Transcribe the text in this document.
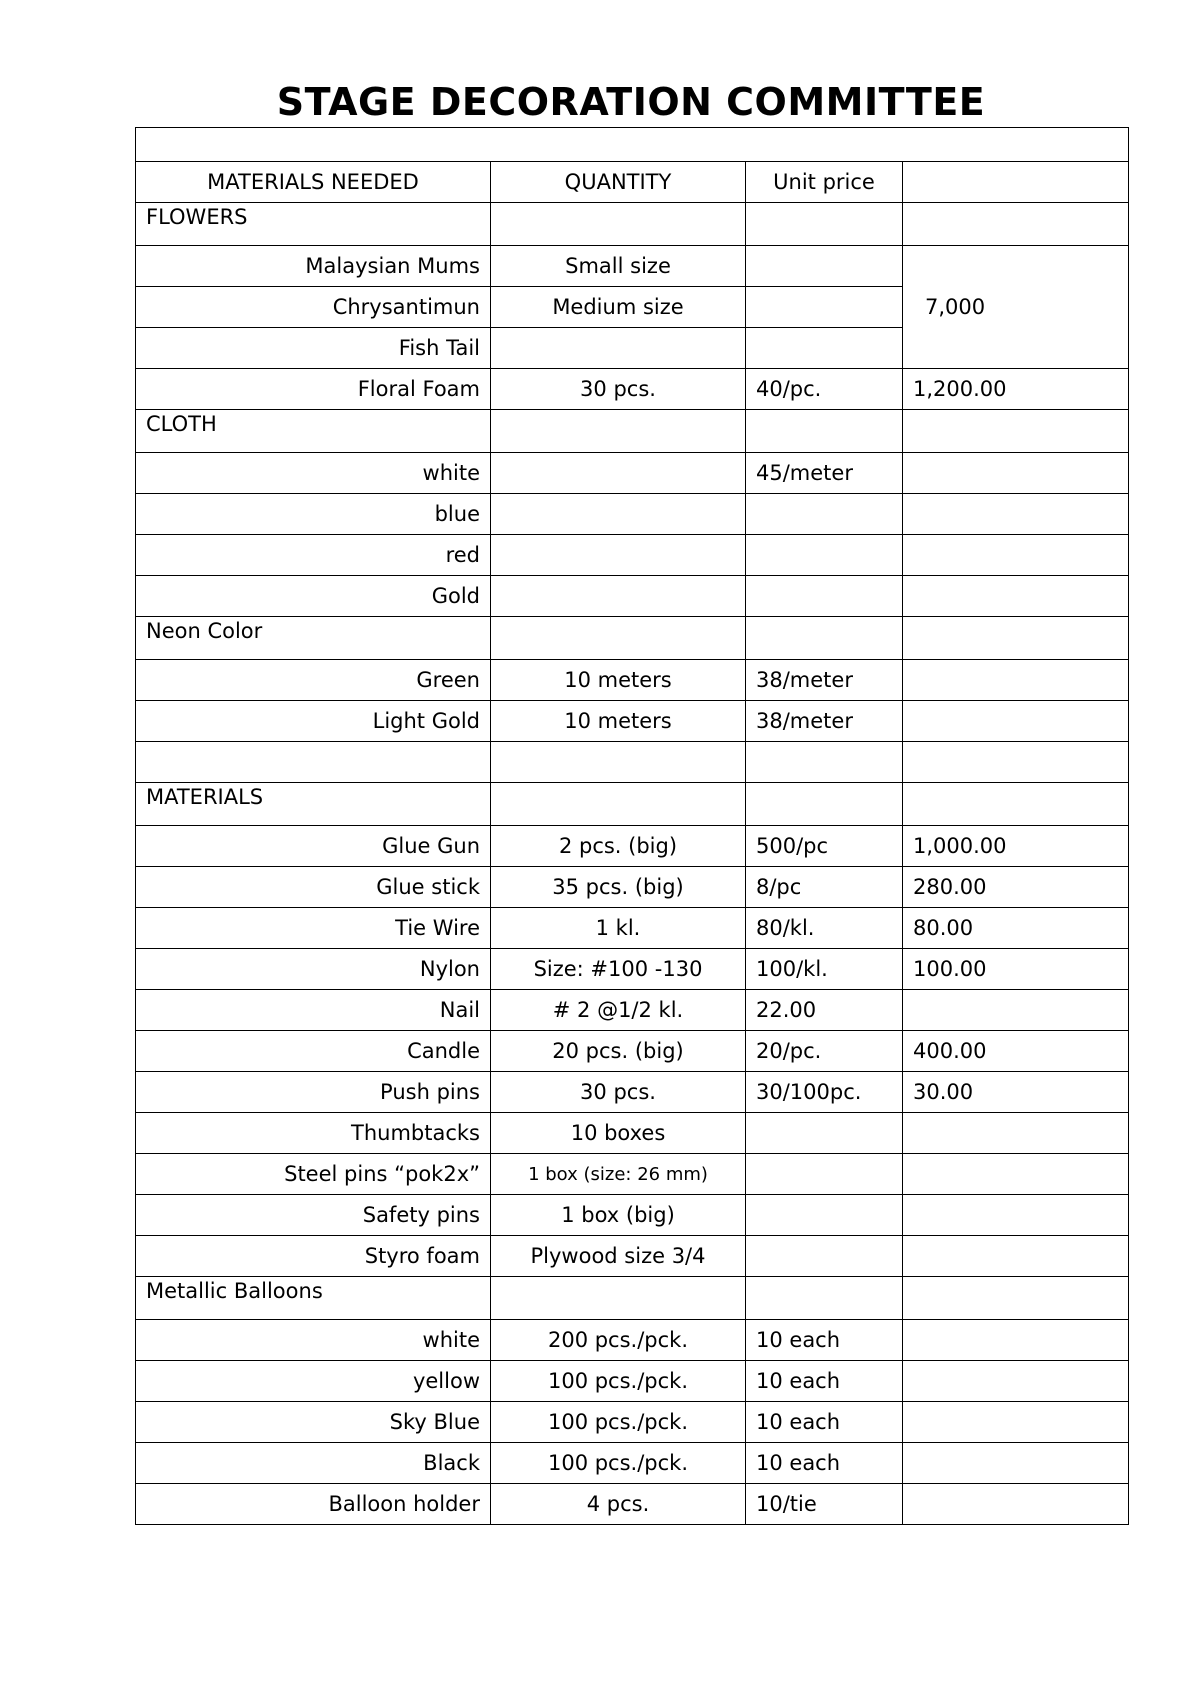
STAGE DECORATION COMMITTEE

MATERIALS NEEDED	QUANTITY	Unit price	
FLOWERS			
Malaysian Mums	Small size		7,000
Chrysantimun	Medium size		
Fish Tail			
Floral Foam	30 pcs.	40/pc.	1,200.00
CLOTH			
white		45/meter	
blue			
red			
Gold			
Neon Color			
Green	10 meters	38/meter	
Light Gold	10 meters	38/meter	

MATERIALS			
Glue Gun	2 pcs. (big)	500/pc	1,000.00
Glue stick	35 pcs. (big)	8/pc	280.00
Tie Wire	1 kl.	80/kl.	80.00
Nylon	Size: #100 -130	100/kl.	100.00
Nail	# 2 @1/2 kl.	22.00	
Candle	20 pcs. (big)	20/pc.	400.00
Push pins	30 pcs.	30/100pc.	30.00
Thumbtacks	10 boxes		
Steel pins “pok2x”	1 box (size: 26 mm)		
Safety pins	1 box (big)		
Styro foam	Plywood size 3/4		
Metallic Balloons			
white	200 pcs./pck.	10 each	
yellow	100 pcs./pck.	10 each	
Sky Blue	100 pcs./pck.	10 each	
Black	100 pcs./pck.	10 each	
Balloon holder	4 pcs.	10/tie	
